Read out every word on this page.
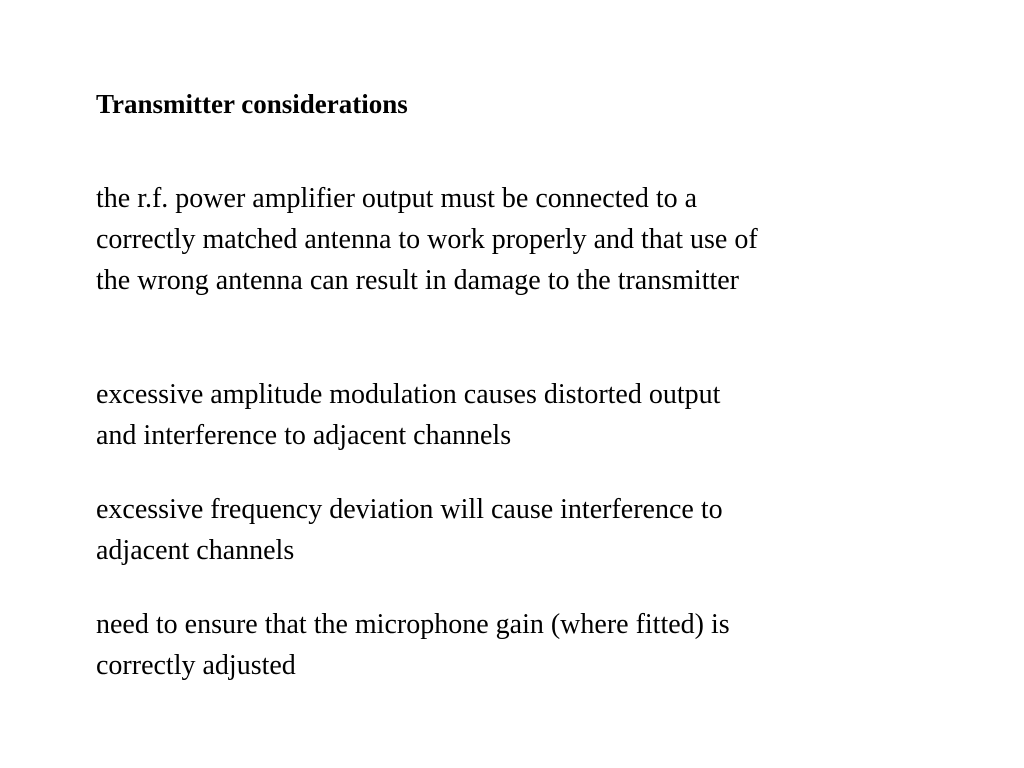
Transmitter considerations

the r.f. power amplifier output must be connected to a
correctly matched antenna to work properly and that use of
the wrong antenna can result in damage to the transmitter

excessive amplitude modulation causes distorted output
and interference to adjacent channels

excessive frequency deviation will cause interference to
adjacent channels

need to ensure that the microphone gain (where fitted) is
correctly adjusted
